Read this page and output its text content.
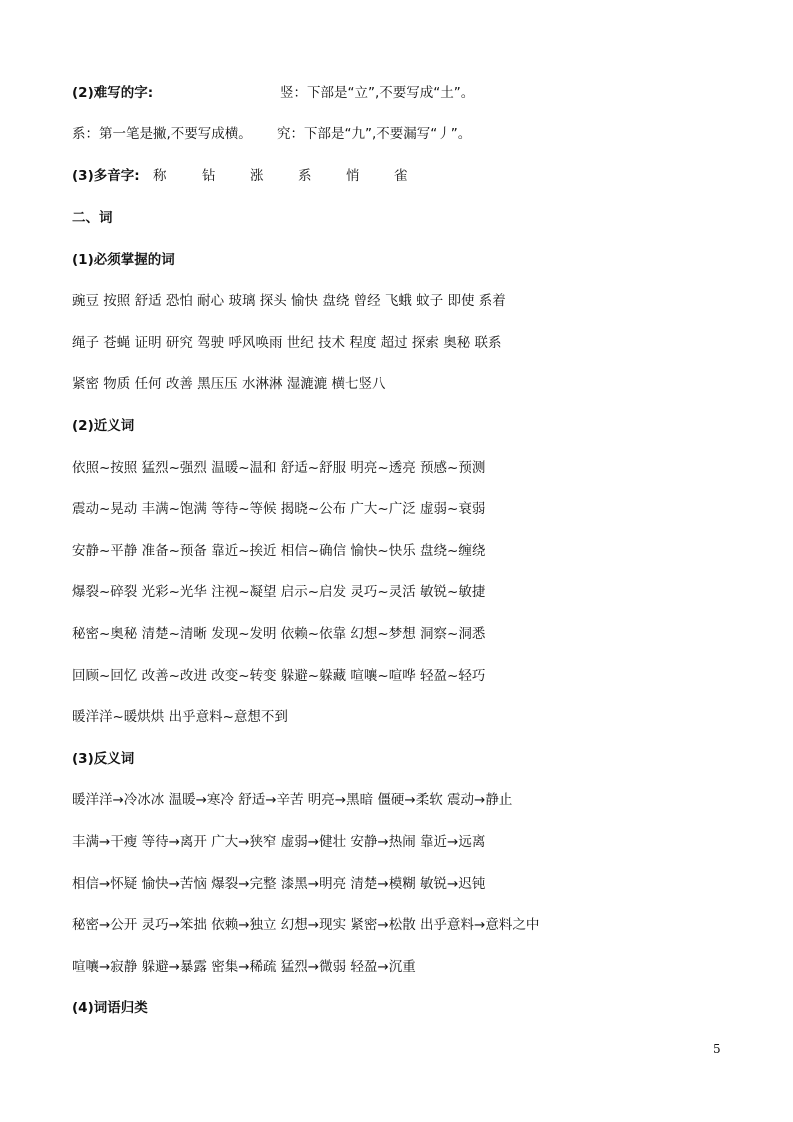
(2)难写的字:	竖：下部是“立”,不要写成“土”。
系：第一笔是撇,不要写成横。 究：下部是“九”,不要漏写“丿”。
(3)多音字: 称	钻	涨	系	悄	雀
二、词
(1)必须掌握的词
豌豆 按照 舒适 恐怕 耐心 玻璃 探头 愉快 盘绕 曾经 飞蛾 蚊子 即使 系着
绳子 苍蝇 证明 研究 驾驶 呼风唤雨 世纪 技术 程度 超过 探索 奥秘 联系
紧密 物质 任何 改善 黑压压 水淋淋 湿漉漉 横七竖八
(2)近义词
依照~按照 猛烈~强烈 温暖~温和 舒适~舒服 明亮~透亮 预感~预测
震动~晃动 丰满~饱满 等待~等候 揭晓~公布 广大~广泛 虚弱~衰弱
安静~平静 准备~预备 靠近~挨近 相信~确信 愉快~快乐 盘绕~缠绕
爆裂~碎裂 光彩~光华 注视~凝望 启示~启发 灵巧~灵活 敏锐~敏捷
秘密~奥秘 清楚~清晰 发现~发明 依赖~依靠 幻想~梦想 洞察~洞悉
回顾~回忆 改善~改进 改变~转变 躲避~躲藏 喧嚷~喧哗 轻盈~轻巧
暖洋洋~暖烘烘 出乎意料~意想不到
(3)反义词
暖洋洋→冷冰冰 温暖→寒冷 舒适→辛苦 明亮→黑暗 僵硬→柔软 震动→静止
丰满→干瘦 等待→离开 广大→狭窄 虚弱→健壮 安静→热闹 靠近→远离
相信→怀疑 愉快→苦恼 爆裂→完整 漆黑→明亮 清楚→模糊 敏锐→迟钝
秘密→公开 灵巧→笨拙 依赖→独立 幻想→现实 紧密→松散 出乎意料→意料之中
喧嚷→寂静 躲避→暴露 密集→稀疏 猛烈→微弱 轻盈→沉重
(4)词语归类
5
